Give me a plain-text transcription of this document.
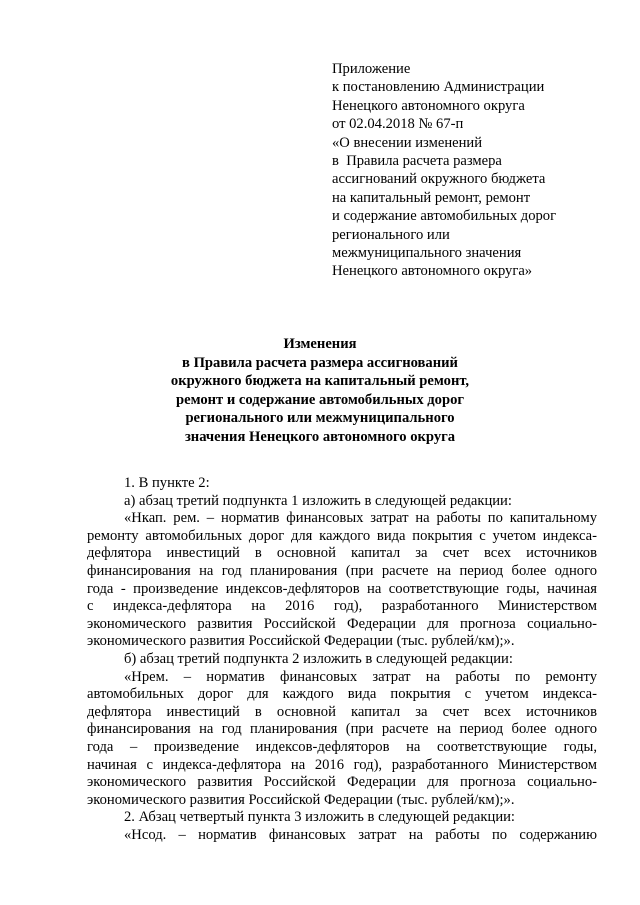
Приложение
к постановлению Администрации
Ненецкого автономного округа
от 02.04.2018 № 67-п
«О внесении изменений
в  Правила расчета размера
ассигнований окружного бюджета
на капитальный ремонт, ремонт
и содержание автомобильных дорог
регионального или
межмуниципального значения
Ненецкого автономного округа»
Изменения
в Правила расчета размера ассигнований
окружного бюджета на капитальный ремонт,
ремонт и содержание автомобильных дорог
регионального или межмуниципального
значения Ненецкого автономного округа
1. В пункте 2:
а) абзац третий подпункта 1 изложить в следующей редакции:
«Нкап. рем. – норматив финансовых затрат на работы по капитальному
ремонту автомобильных дорог для каждого вида покрытия с учетом индекса-
дефлятора инвестиций в основной капитал за счет всех источников
финансирования на год планирования (при расчете на период более одного
года - произведение индексов-дефляторов на соответствующие годы, начиная
с индекса-дефлятора на 2016 год), разработанного Министерством
экономического развития Российской Федерации для прогноза социально-
экономического развития Российской Федерации (тыс. рублей/км);».
б) абзац третий подпункта 2 изложить в следующей редакции:
«Нрем. – норматив финансовых затрат на работы по ремонту
автомобильных дорог для каждого вида покрытия с учетом индекса-
дефлятора инвестиций в основной капитал за счет всех источников
финансирования на год планирования (при расчете на период более одного
года – произведение индексов-дефляторов на соответствующие годы,
начиная с индекса-дефлятора на 2016 год), разработанного Министерством
экономического развития Российской Федерации для прогноза социально-
экономического развития Российской Федерации (тыс. рублей/км);».
2. Абзац четвертый пункта 3 изложить в следующей редакции:
«Нсод. – норматив финансовых затрат на работы по содержанию
